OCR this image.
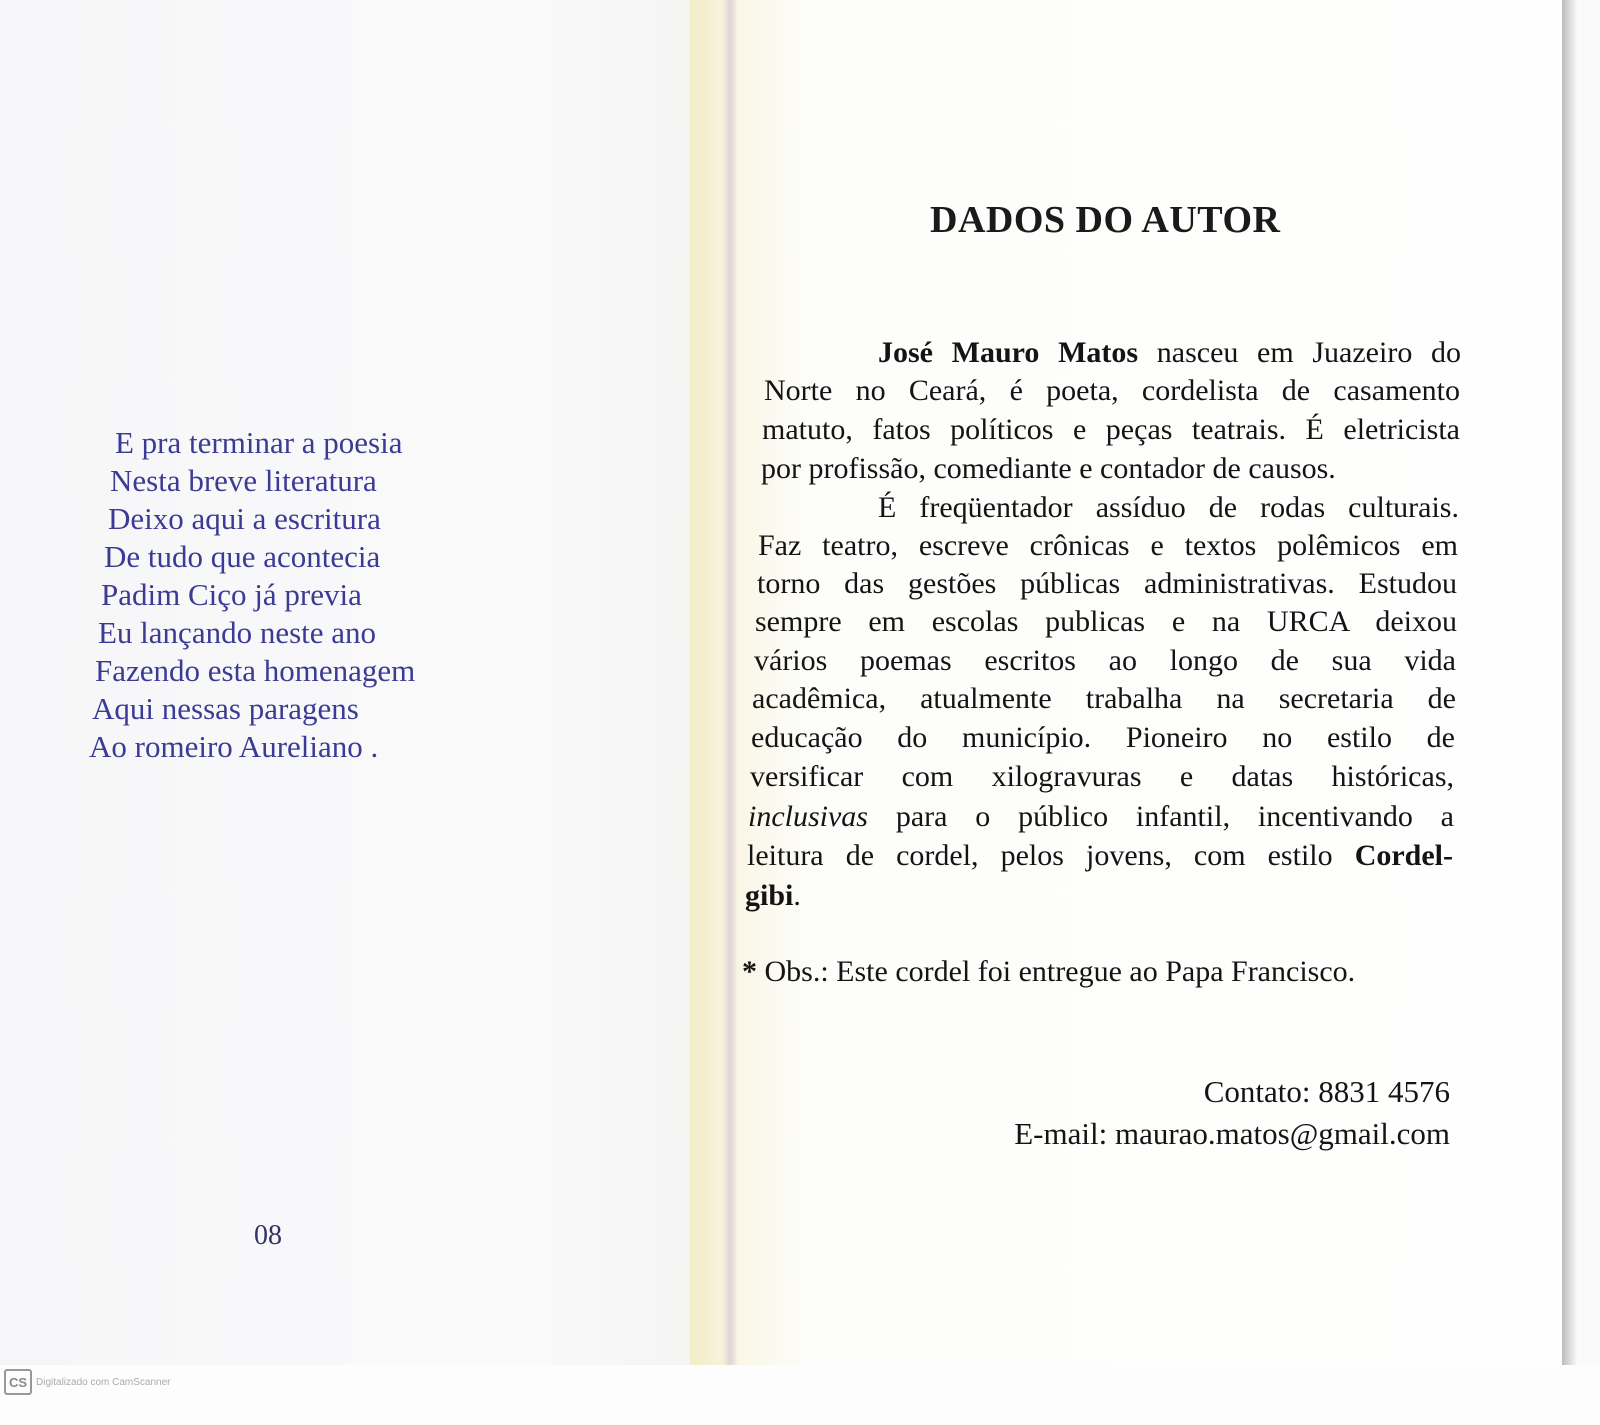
E pra terminar a poesia
Nesta breve literatura
Deixo aqui a escritura
De tudo que acontecia
Padim Ciço já previa
Eu lançando neste ano
Fazendo esta homenagem
Aqui nessas paragens
Ao romeiro Aureliano .
08
DADOS DO AUTOR
José Mauro Matos nasceu em Juazeiro do
Norte no Ceará, é poeta, cordelista de casamento
matuto, fatos políticos e peças teatrais. É eletricista
por profissão, comediante e contador de causos.
É freqüentador assíduo de rodas culturais.
Faz teatro, escreve crônicas e textos polêmicos em
torno das gestões públicas administrativas. Estudou
sempre em escolas publicas e na URCA deixou
vários poemas escritos ao longo de sua vida
acadêmica, atualmente trabalha na secretaria de
educação do município. Pioneiro no estilo de
versificar com xilogravuras e datas históricas,
inclusivas para o público infantil, incentivando a
leitura de cordel, pelos jovens, com estilo Cordel-
gibi.
* Obs.: Este cordel foi entregue ao Papa Francisco.
Contato: 8831 4576
E-mail: maurao.matos@gmail.com
CS Digitalizado com CamScanner
